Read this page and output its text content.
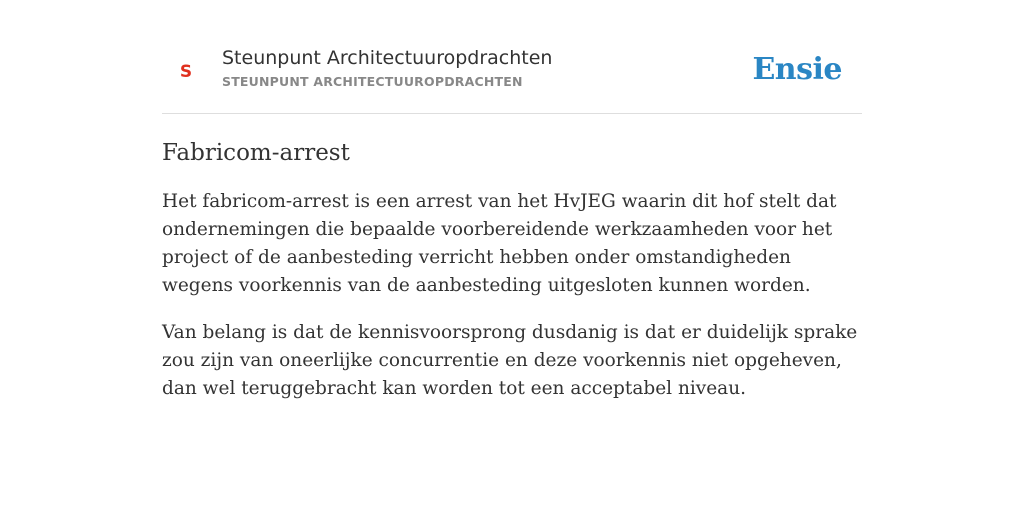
S
Steunpunt Architectuuropdrachten
STEUNPUNT ARCHITECTUUROPDRACHTEN	Ensie
Fabricom-arrest

Het fabricom-arrest is een arrest van het HvJEG waarin dit hof stelt dat ondernemingen die bepaalde voorbereidende werkzaamheden voor het project of de aanbesteding verricht hebben onder omstandigheden wegens voorkennis van de aanbesteding uitgesloten kunnen worden.

Van belang is dat de kennisvoorsprong dusdanig is dat er duidelijk sprake zou zijn van oneerlijke concurrentie en deze voorkennis niet opgeheven, dan wel teruggebracht kan worden tot een acceptabel niveau.
